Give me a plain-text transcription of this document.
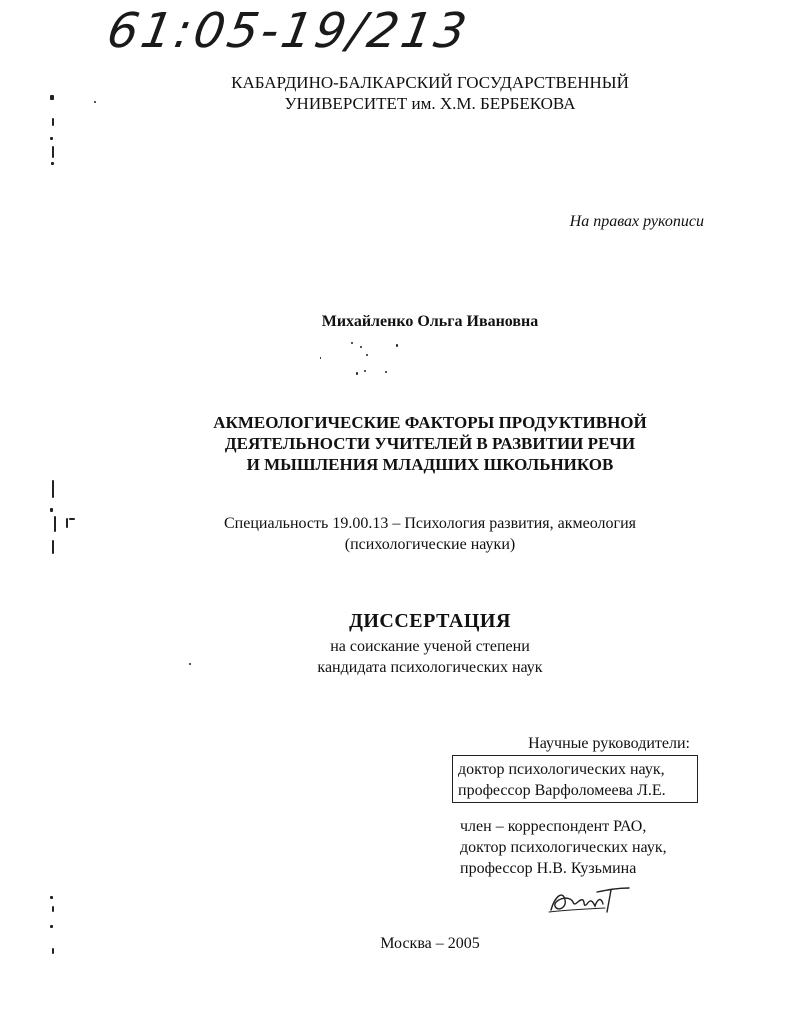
61:05-19/213
КАБАРДИНО-БАЛКАРСКИЙ ГОСУДАРСТВЕННЫЙ
УНИВЕРСИТЕТ им. Х.М. БЕРБЕКОВА
На правах рукописи
Михайленко Ольга Ивановна
АКМЕОЛОГИЧЕСКИЕ ФАКТОРЫ ПРОДУКТИВНОЙ
ДЕЯТЕЛЬНОСТИ УЧИТЕЛЕЙ В РАЗВИТИИ РЕЧИ
И МЫШЛЕНИЯ МЛАДШИХ ШКОЛЬНИКОВ
Специальность 19.00.13 – Психология развития, акмеология
(психологические науки)
ДИССЕРТАЦИЯ
на соискание ученой степени
кандидата психологических наук
Научные руководители:
доктор психологических наук,
профессор Варфоломеева Л.Е.
член – корреспондент РАО,
доктор психологических наук,
профессор Н.В. Кузьмина
Москва – 2005
